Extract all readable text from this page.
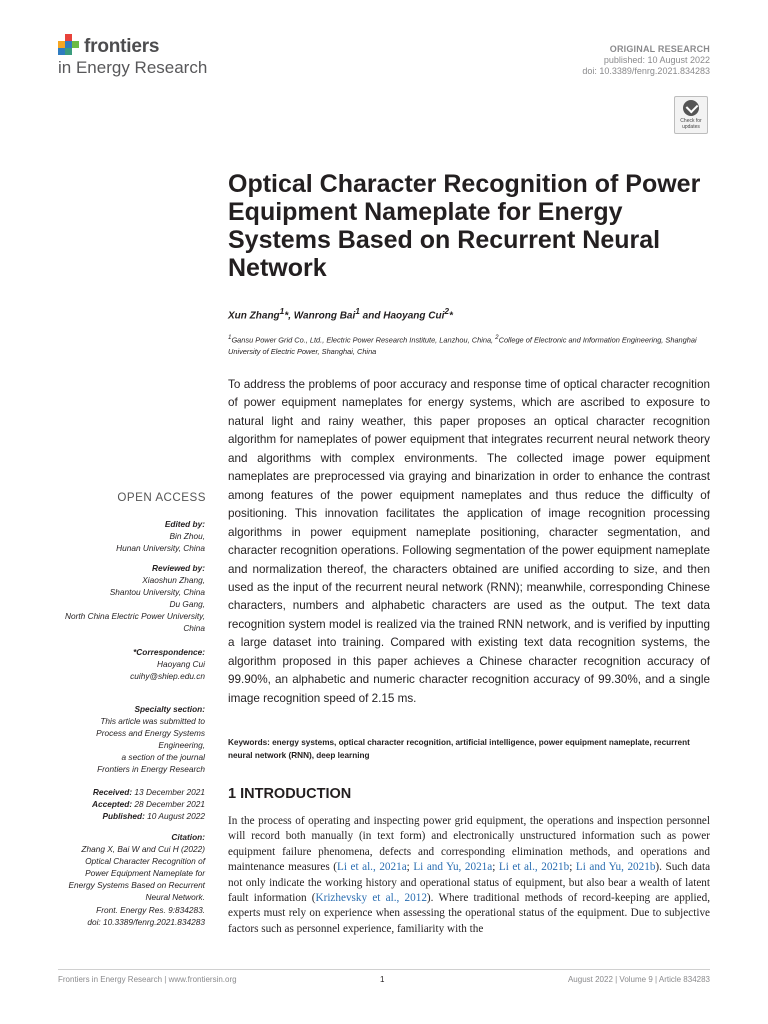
frontiers
in Energy Research
ORIGINAL RESEARCH
published: 10 August 2022
doi: 10.3389/fenrg.2021.834283
Check for updates
Optical Character Recognition of Power Equipment Nameplate for Energy Systems Based on Recurrent Neural Network
Xun Zhang$^1$*, Wanrong Bai$^1$ and Haoyang Cui$^2$*
$^1$Gansu Power Grid Co., Ltd., Electric Power Research Institute, Lanzhou, China, $^2$College of Electronic and Information Engineering, Shanghai University of Electric Power, Shanghai, China
To address the problems of poor accuracy and response time of optical character recognition of power equipment nameplates for energy systems, which are ascribed to exposure to natural light and rainy weather, this paper proposes an optical character recognition algorithm for nameplates of power equipment that integrates recurrent neural network theory and algorithms with complex environments. The collected image power equipment nameplates are preprocessed via graying and binarization in order to enhance the contrast among features of the power equipment nameplates and thus reduce the difficulty of positioning. This innovation facilitates the application of image recognition processing algorithms in power equipment nameplate positioning, character segmentation, and character recognition operations. Following segmentation of the power equipment nameplate and normalization thereof, the characters obtained are unified according to size, and then used as the input of the recurrent neural network (RNN); meanwhile, corresponding Chinese characters, numbers and alphabetic characters are used as the output. The text data recognition system model is realized via the trained RNN network, and is verified by inputting a large dataset into training. Compared with existing text data recognition systems, the algorithm proposed in this paper achieves a Chinese character recognition accuracy of 99.90%, an alphabetic and numeric character recognition accuracy of 99.30%, and a single image recognition speed of 2.15 ms.
Keywords: energy systems, optical character recognition, artificial intelligence, power equipment nameplate, recurrent neural network (RNN), deep learning
1 INTRODUCTION
In the process of operating and inspecting power grid equipment, the operations and inspection personnel will record both manually (in text form) and electronically unstructured information such as power equipment failure phenomena, defects and corresponding elimination methods, and operations and maintenance measures (Li et al., 2021a; Li and Yu, 2021a; Li et al., 2021b; Li and Yu, 2021b). Such data not only indicate the working history and operational status of equipment, but also bear a wealth of latent fault information (Krizhevsky et al., 2012). Where traditional methods of record-keeping are applied, experts must rely on experience when assessing the operational status of the equipment. Due to subjective factors such as personnel experience, familiarity with the
OPEN ACCESS
Edited by:
Bin Zhou,
Hunan University, China
Reviewed by:
Xiaoshun Zhang,
Shantou University, China
Du Gang,
North China Electric Power University,
China
*Correspondence:
Haoyang Cui
cuihy@shiep.edu.cn
Specialty section:
This article was submitted to
Process and Energy Systems
Engineering,
a section of the journal
Frontiers in Energy Research
Received: 13 December 2021
Accepted: 28 December 2021
Published: 10 August 2022
Citation:
Zhang X, Bai W and Cui H (2022)
Optical Character Recognition of
Power Equipment Nameplate for
Energy Systems Based on Recurrent
Neural Network.
Front. Energy Res. 9:834283.
doi: 10.3389/fenrg.2021.834283
Frontiers in Energy Research | www.frontiersin.org	1	August 2022 | Volume 9 | Article 834283
